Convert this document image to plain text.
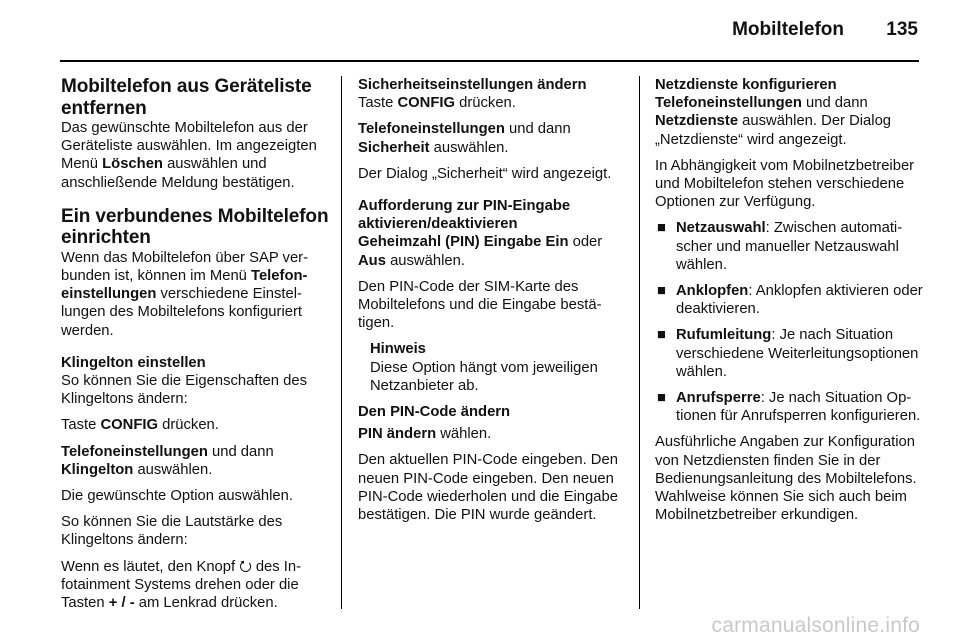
Mobiltelefon 135
Mobiltelefon aus Geräteliste entfernen

Das gewünschte Mobiltelefon aus der Geräteliste auswählen. Im angezeigten Menü Löschen auswählen und anschließende Meldung bestätigen.

Ein verbundenes Mobiltelefon einrichten

Wenn das Mobiltelefon über SAP verbunden ist, können im Menü Telefoneinstellungen verschiedene Einstellungen des Mobiltelefons konfiguriert werden.

Klingelton einstellen

So können Sie die Eigenschaften des Klingeltons ändern:

Taste CONFIG drücken.

Telefoneinstellungen und dann
Klingelton auswählen.

Die gewünschte Option auswählen.

So können Sie die Lautstärke des Klingeltons ändern:

Wenn es läutet, den Knopf ⭮ des Infotainment Systems drehen oder die Tasten + / - am Lenkrad drücken.

Sicherheitseinstellungen ändern

Taste CONFIG drücken.

Telefoneinstellungen und dann
Sicherheit auswählen.

Der Dialog „Sicherheit“ wird angezeigt.

Aufforderung zur PIN-Eingabe aktivieren/deaktivieren

Geheimzahl (PIN) Eingabe Ein oder
Aus auswählen.

Den PIN-Code der SIM-Karte des Mobiltelefons und die Eingabe bestätigen.

Hinweis

Diese Option hängt vom jeweiligen Netzanbieter ab.

Den PIN-Code ändern

PIN ändern wählen.

Den aktuellen PIN-Code eingeben. Den neuen PIN-Code eingeben. Den neuen PIN-Code wiederholen und die Eingabe bestätigen. Die PIN wurde geändert.

Netzdienste konfigurieren

Telefoneinstellungen und dann
Netzdienste auswählen. Der Dialog „Netzdienste“ wird angezeigt.

In Abhängigkeit vom Mobilnetzbetreiber und Mobiltelefon stehen verschiedene Optionen zur Verfügung.

■ Netzauswahl: Zwischen automatischer und manueller Netzauswahl wählen.
■ Anklopfen: Anklopfen aktivieren oder deaktivieren.
■ Rufumleitung: Je nach Situation verschiedene Weiterleitungsoptionen wählen.
■ Anrufsperre: Je nach Situation Optionen für Anrufsperren konfigurieren.

Ausführliche Angaben zur Konfiguration von Netzdiensten finden Sie in der Bedienungsanleitung des Mobiltelefons. Wahlweise können Sie sich auch beim Mobilnetzbetreiber erkundigen.

carmanualsonline.info
